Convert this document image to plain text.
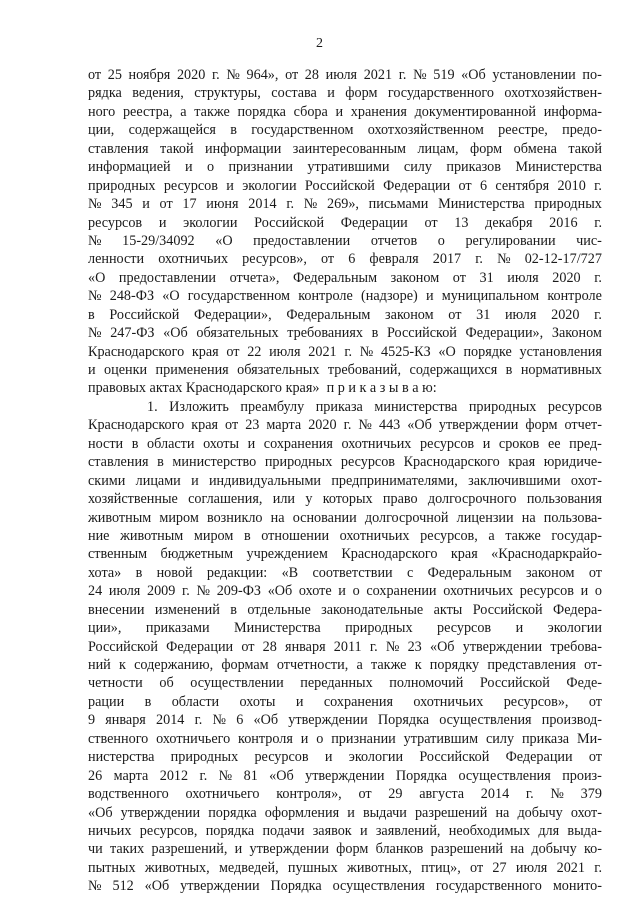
2
от 25 ноября 2020 г. № 964», от 28 июля 2021 г. № 519 «Об установлении по-
рядка ведения, структуры, состава и форм государственного охотхозяйствен-
ного реестра, а также порядка сбора и хранения документированной информа-
ции, содержащейся в государственном охотхозяйственном реестре, предо-
ставления такой информации заинтересованным лицам, форм обмена такой
информацией и о признании утратившими силу приказов Министерства
природных ресурсов и экологии Российской Федерации от 6 сентября 2010 г.
№ 345 и от 17 июня 2014 г. № 269», письмами Министерства природных
ресурсов и экологии Российской Федерации от 13 декабря 2016 г.
№ 15-29/34092 «О предоставлении отчетов о регулировании чис-
ленности охотничьих ресурсов», от 6 февраля 2017 г. № 02-12-17/727
«О предоставлении отчета», Федеральным законом от 31 июля 2020 г.
№ 248-ФЗ «О государственном контроле (надзоре) и муниципальном контроле
в Российской Федерации», Федеральным законом от 31 июля 2020 г.
№ 247-ФЗ «Об обязательных требованиях в Российской Федерации», Законом
Краснодарского края от 22 июля 2021 г. № 4525-КЗ «О порядке установления
и оценки применения обязательных требований, содержащихся в нормативных
правовых актах Краснодарского края»  п р и к а з ы в а ю:
1. Изложить преамбулу приказа министерства природных ресурсов
Краснодарского края от 23 марта 2020 г. № 443 «Об утверждении форм отчет-
ности в области охоты и сохранения охотничьих ресурсов и сроков ее пред-
ставления в министерство природных ресурсов Краснодарского края юридиче-
скими лицами и индивидуальными предпринимателями, заключившими охот-
хозяйственные соглашения, или у которых право долгосрочного пользования
животным миром возникло на основании долгосрочной лицензии на пользова-
ние животным миром в отношении охотничьих ресурсов, а также государ-
ственным бюджетным учреждением Краснодарского края «Краснодаркрайо-
хота» в новой редакции: «В соответствии с Федеральным законом от
24 июля 2009 г. № 209-ФЗ «Об охоте и о сохранении охотничьих ресурсов и о
внесении изменений в отдельные законодательные акты Российской Федера-
ции», приказами Министерства природных ресурсов и экологии
Российской Федерации от 28 января 2011 г. № 23 «Об утверждении требова-
ний к содержанию, формам отчетности, а также к порядку представления от-
четности об осуществлении переданных полномочий Российской Феде-
рации в области охоты и сохранения охотничьих ресурсов», от
9 января 2014 г. № 6 «Об утверждении Порядка осуществления производ-
ственного охотничьего контроля и о признании утратившим силу приказа Ми-
нистерства природных ресурсов и экологии Российской Федерации от
26 марта 2012 г. № 81 «Об утверждении Порядка осуществления произ-
водственного охотничьего контроля», от 29 августа 2014 г. № 379
«Об утверждении порядка оформления и выдачи разрешений на добычу охот-
ничьих ресурсов, порядка подачи заявок и заявлений, необходимых для выда-
чи таких разрешений, и утверждении форм бланков разрешений на добычу ко-
пытных животных, медведей, пушных животных, птиц», от 27 июля 2021 г.
№ 512 «Об утверждении Порядка осуществления государственного монито-
